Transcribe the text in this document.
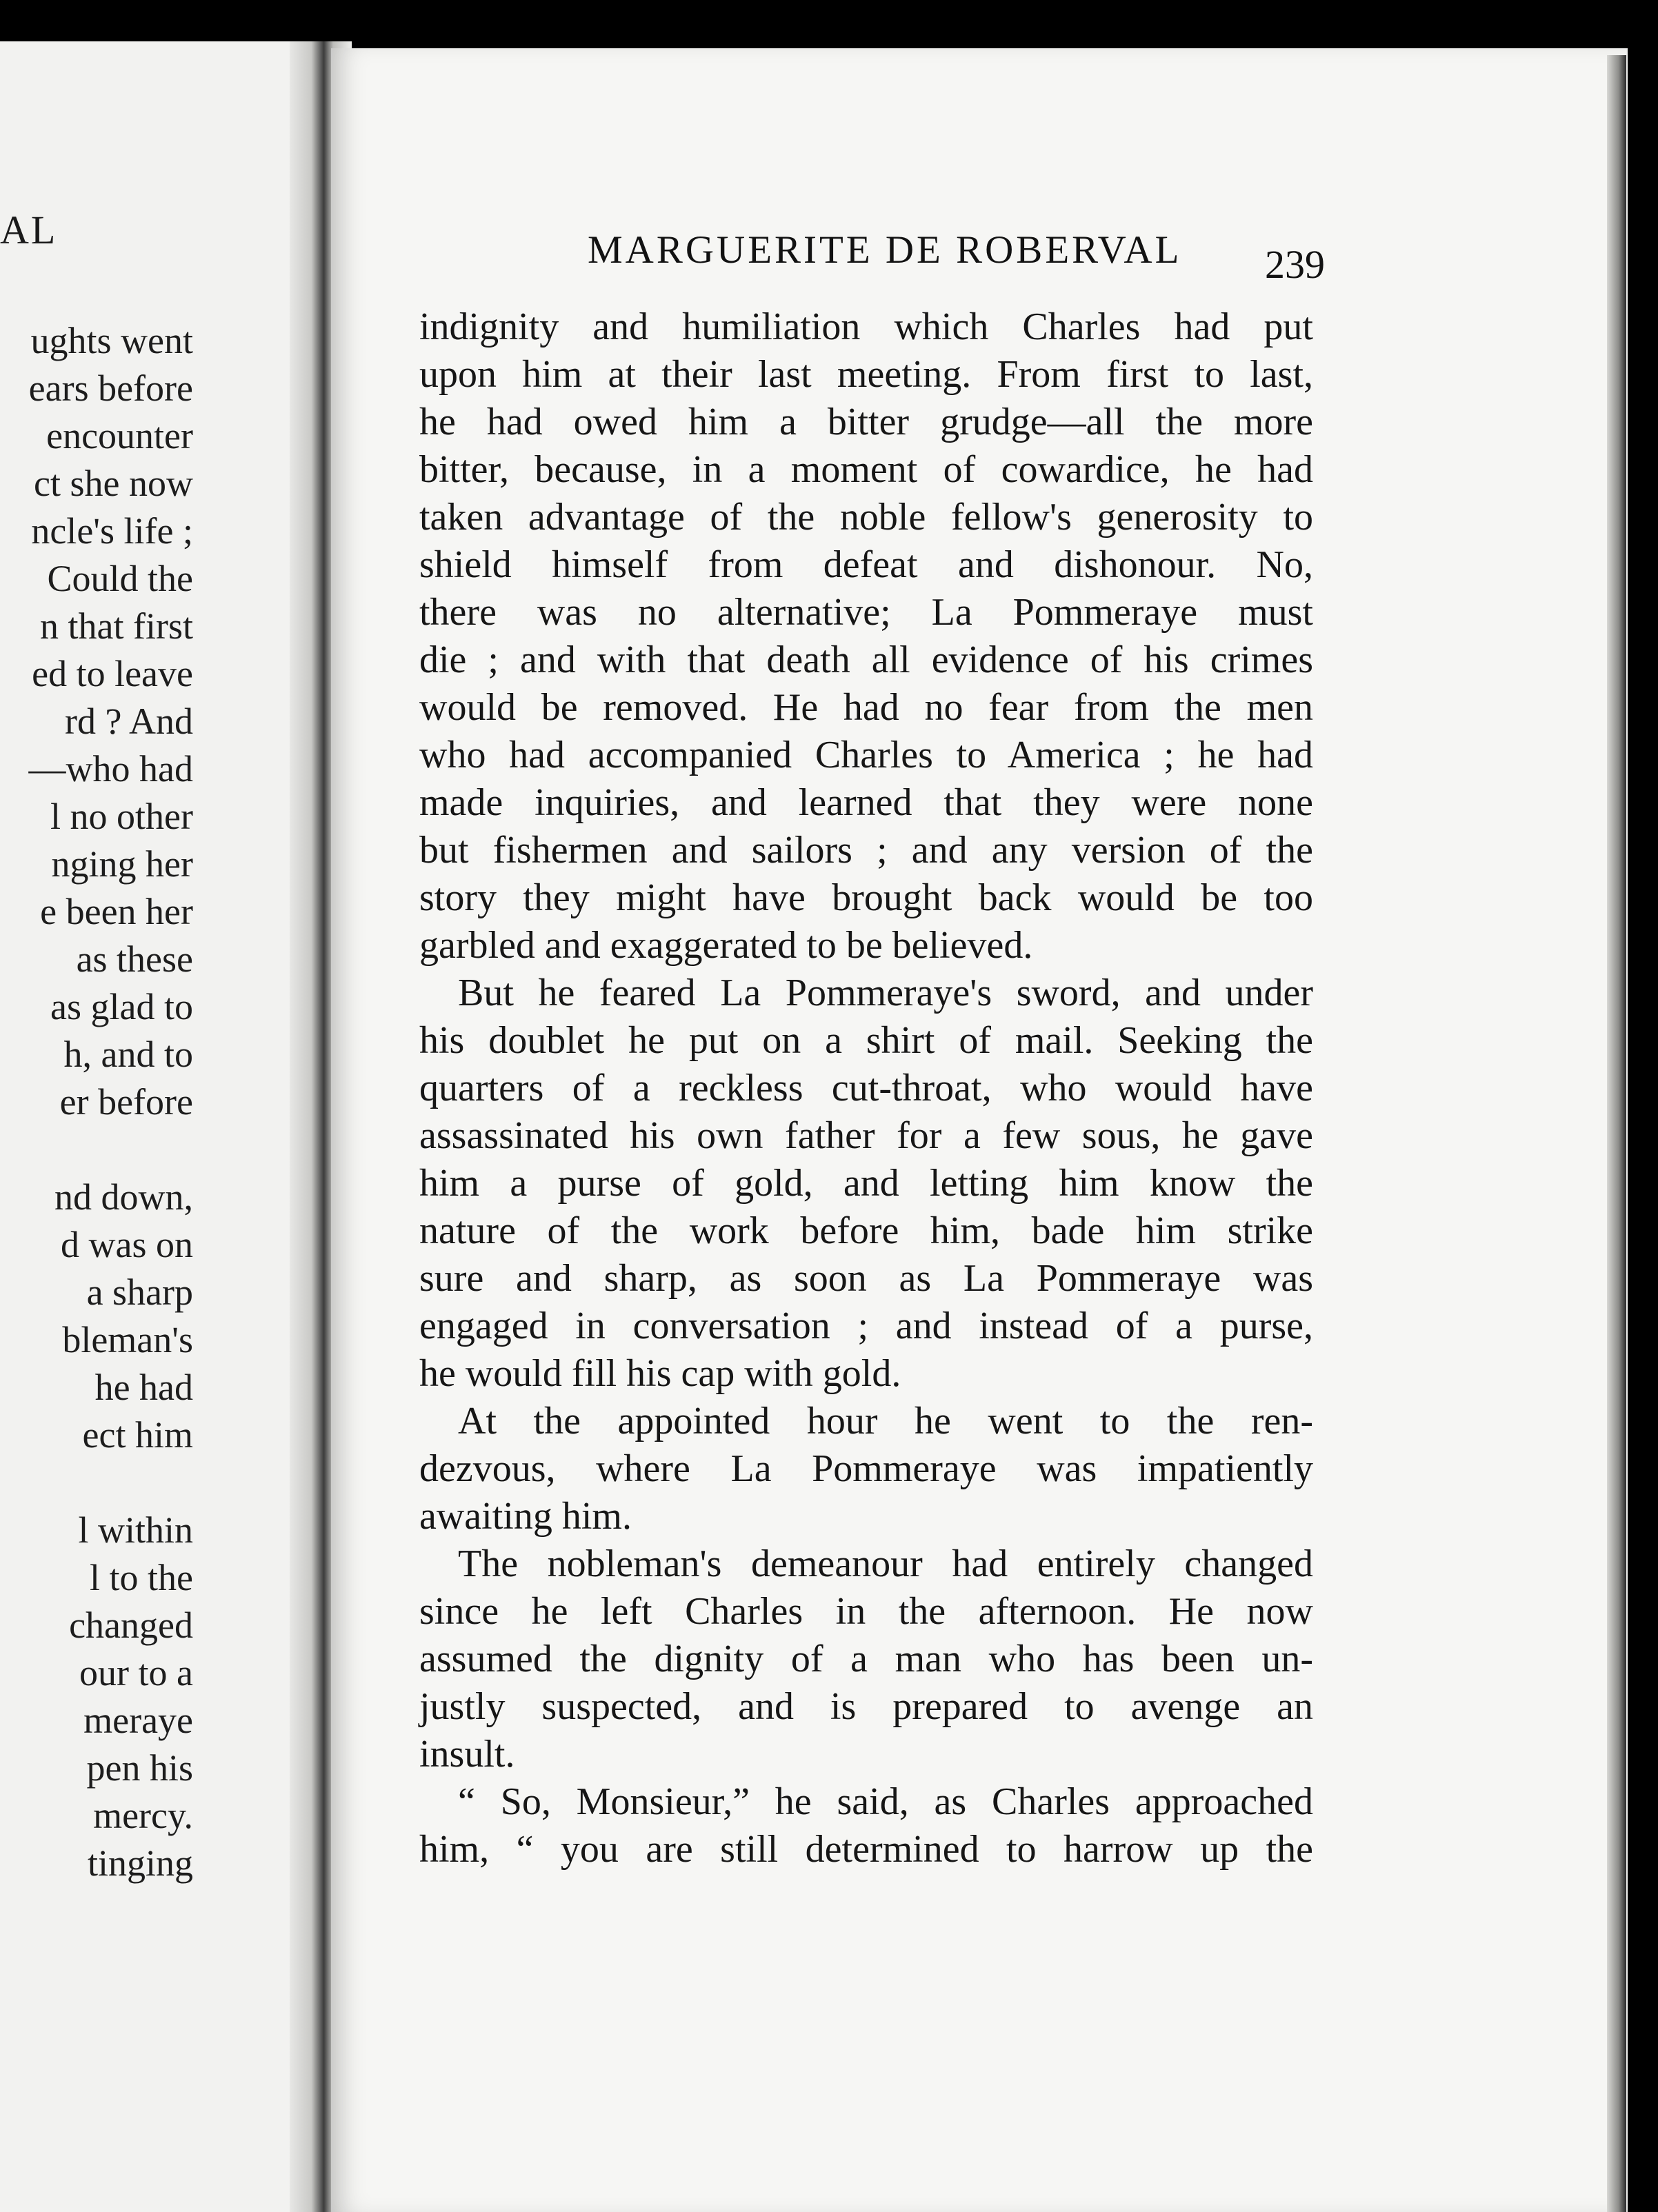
AL
ughts went
ears before
encounter
ct she now
ncle's life ;
Could the
n that first
ed to leave
rd ? And
—who had
l no other
nging her
e been her
as these
as glad to
h, and to
er before
nd down,
d was on
a sharp
bleman's
he had
ect him
l within
l to the
changed
our to a
meraye
pen his
mercy.
tinging
MARGUERITE DE ROBERVAL 239
indignity and humiliation which Charles had put
upon him at their last meeting. From first to last,
he had owed him a bitter grudge—all the more
bitter, because, in a moment of cowardice, he had
taken advantage of the noble fellow's generosity to
shield himself from defeat and dishonour. No,
there was no alternative; La Pommeraye must
die ; and with that death all evidence of his crimes
would be removed. He had no fear from the men
who had accompanied Charles to America ; he had
made inquiries, and learned that they were none
but fishermen and sailors ; and any version of the
story they might have brought back would be too
garbled and exaggerated to be believed.
But he feared La Pommeraye's sword, and under
his doublet he put on a shirt of mail. Seeking the
quarters of a reckless cut-throat, who would have
assassinated his own father for a few sous, he gave
him a purse of gold, and letting him know the
nature of the work before him, bade him strike
sure and sharp, as soon as La Pommeraye was
engaged in conversation ; and instead of a purse,
he would fill his cap with gold.
At the appointed hour he went to the ren-
dezvous, where La Pommeraye was impatiently
awaiting him.
The nobleman's demeanour had entirely changed
since he left Charles in the afternoon. He now
assumed the dignity of a man who has been un-
justly suspected, and is prepared to avenge an
insult.
“ So, Monsieur,” he said, as Charles approached
him, “ you are still determined to harrow up the
